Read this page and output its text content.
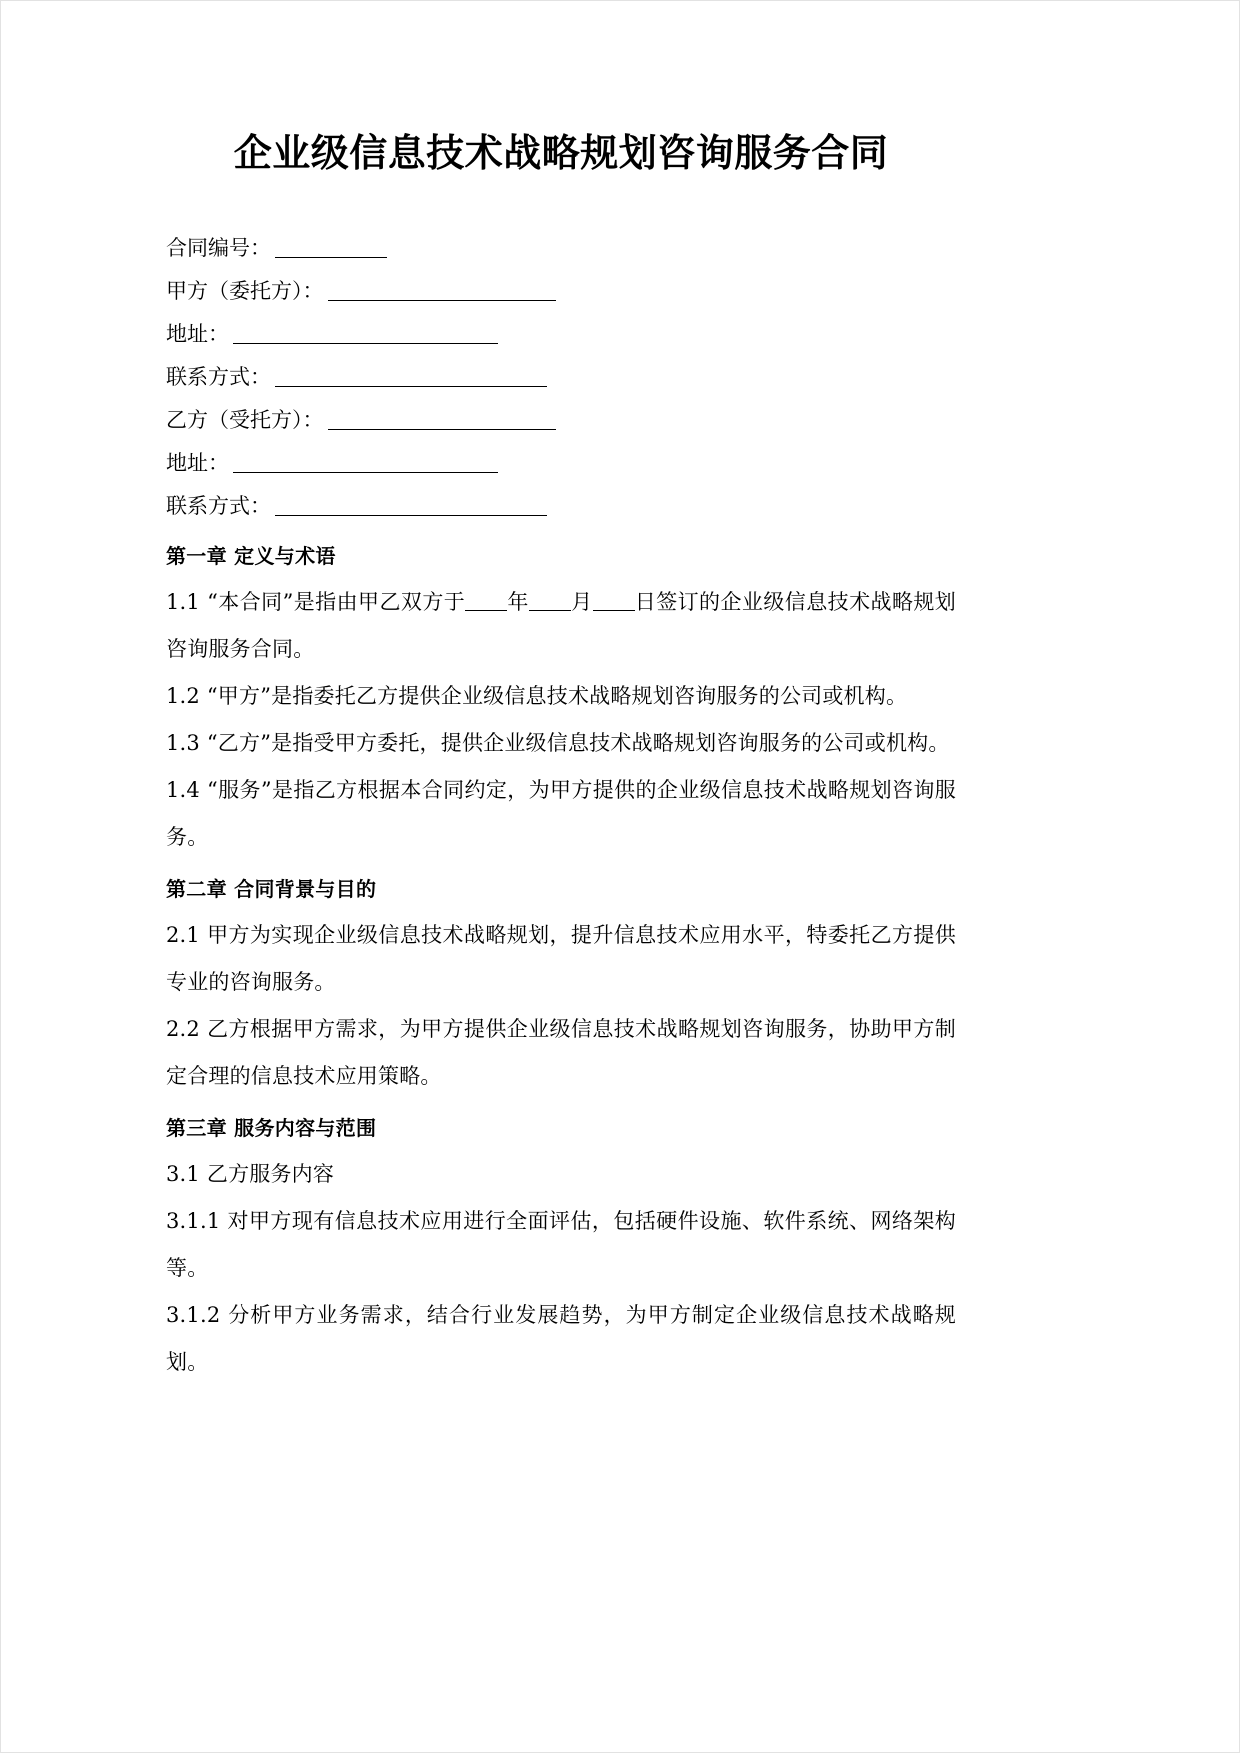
企业级信息技术战略规划咨询服务合同
合同编号：
甲方（委托方）：
地址：
联系方式：
乙方（受托方）：
地址：
联系方式：
第一章 定义与术语

1.1 “本合同”是指由甲乙双方于 年 月 日签订的企业级信息技术战略规划咨询服务合同。

1.2 “甲方”是指委托乙方提供企业级信息技术战略规划咨询服务的公司或机构。

1.3 “乙方”是指受甲方委托，提供企业级信息技术战略规划咨询服务的公司或机构。

1.4 “服务”是指乙方根据本合同约定，为甲方提供的企业级信息技术战略规划咨询服务。

第二章 合同背景与目的

2.1 甲方为实现企业级信息技术战略规划，提升信息技术应用水平，特委托乙方提供专业的咨询服务。

2.2 乙方根据甲方需求，为甲方提供企业级信息技术战略规划咨询服务，协助甲方制定合理的信息技术应用策略。

第三章 服务内容与范围

3.1 乙方服务内容

3.1.1 对甲方现有信息技术应用进行全面评估，包括硬件设施、软件系统、网络架构等。

3.1.2 分析甲方业务需求，结合行业发展趋势，为甲方制定企业级信息技术战略规划。
